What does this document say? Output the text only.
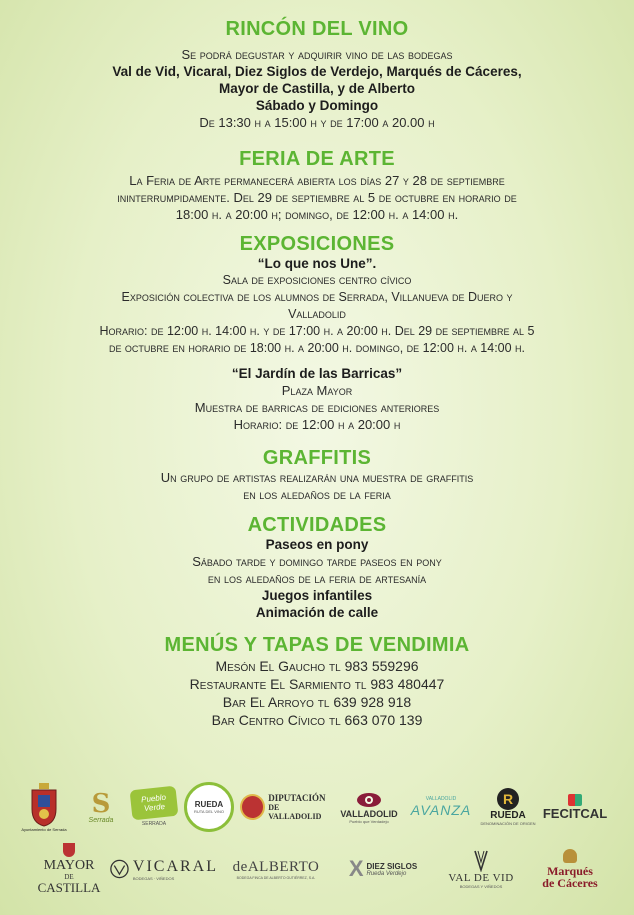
RINCÓN DEL VINO
Se podrá degustar y adquirir vino de las bodegas
Val de Vid, Vicaral, Diez Siglos de Verdejo, Marqués de Cáceres,
Mayor de Castilla, y de Alberto
Sábado y Domingo
De 13:30 h a 15:00 h y de 17:00 a 20.00 h
FERIA DE ARTE
La Feria de Arte permanecerá abierta los días 27 y 28 de septiembre
ininterrumpidamente. Del 29 de septiembre al 5 de octubre en horario de
18:00 h. a 20:00 h; domingo, de 12:00 h. a 14:00 h.
EXPOSICIONES
“Lo que nos Une”.
Sala de exposiciones centro cívico
Exposición colectiva de los alumnos de Serrada, Villanueva de Duero y
Valladolid
Horario: de 12:00 h. 14:00 h. y de 17:00 h. a 20:00 h. Del 29 de septiembre al 5
de octubre en horario de 18:00 h. a 20:00 h. domingo, de 12:00 h. a 14:00 h.
“El Jardín de las Barricas”
Plaza Mayor
Muestra de barricas de ediciones anteriores
Horario: de 12:00 h a 20:00 h
GRAFFITIS
Un grupo de artistas realizarán una muestra de graffitis
en los aledaños de la feria
ACTIVIDADES
Paseos en pony
Sábado tarde y domingo tarde paseos en pony
en los aledaños de la feria de artesanía
Juegos infantiles
Animación de calle
MENÚS Y TAPAS DE VENDIMIA
Mesón El Gaucho tl 983 559296
Restaurante El Sarmiento tl 983 480447
Bar El Arroyo tl 639 928 918
Bar Centro Cívico tl 663 070 139
Ayuntamiento de Serrada
S
Serrada
Pueblo Verde
SERRADA
RUEDA
RUTA DEL VINO
DIPUTACIÓN
DE VALLADOLID	VALLADOLID
Pueblo que Verdadejo
VALLADOLID
AVANZA
R
RUEDA
DENOMINACIÓN DE ORIGEN
FECITCAL
MAYOR
DE
CASTILLA
VICARAL
BODEGAS · VIÑEDOS
deALBERTO
BODEGA FINCA DE ALBERTO GUTIÉRREZ, S.A. X DIEZ SIGLOS
Rueda Verdejo	VAL DE VID
BODEGAS Y VIÑEDOS
Marqués
de Cáceres
